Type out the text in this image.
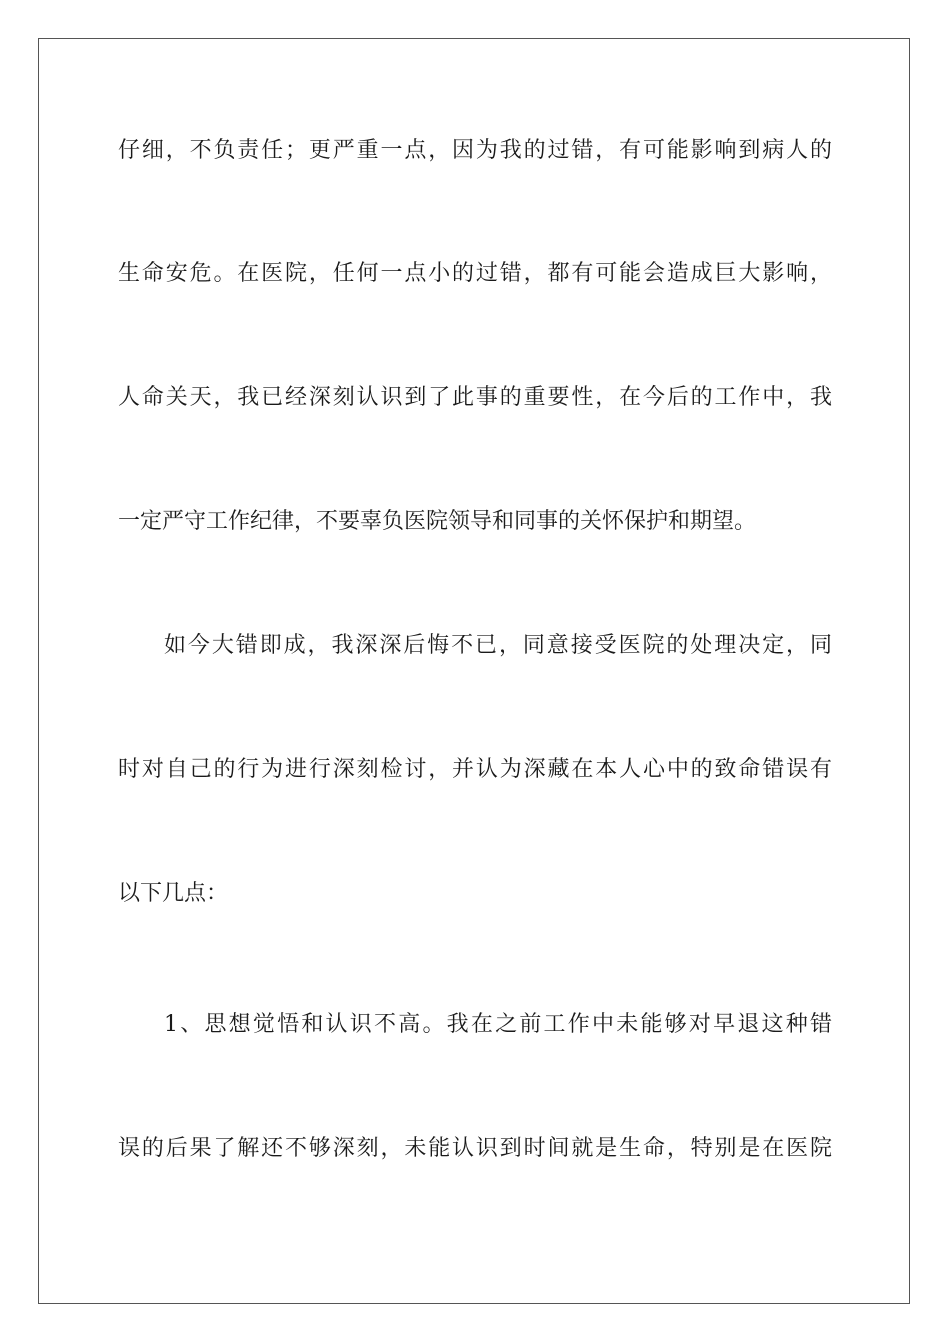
仔细，不负责任；更严重一点，因为我的过错，有可能影响到病人的
生命安危。在医院，任何一点小的过错，都有可能会造成巨大影响，
人命关天，我已经深刻认识到了此事的重要性，在今后的工作中，我
一定严守工作纪律，不要辜负医院领导和同事的关怀保护和期望。
如今大错即成，我深深后悔不已，同意接受医院的处理决定，同
时对自己的行为进行深刻检讨，并认为深藏在本人心中的致命错误有
以下几点：
1、思想觉悟和认识不高。我在之前工作中未能够对早退这种错
误的后果了解还不够深刻，未能认识到时间就是生命，特别是在医院
